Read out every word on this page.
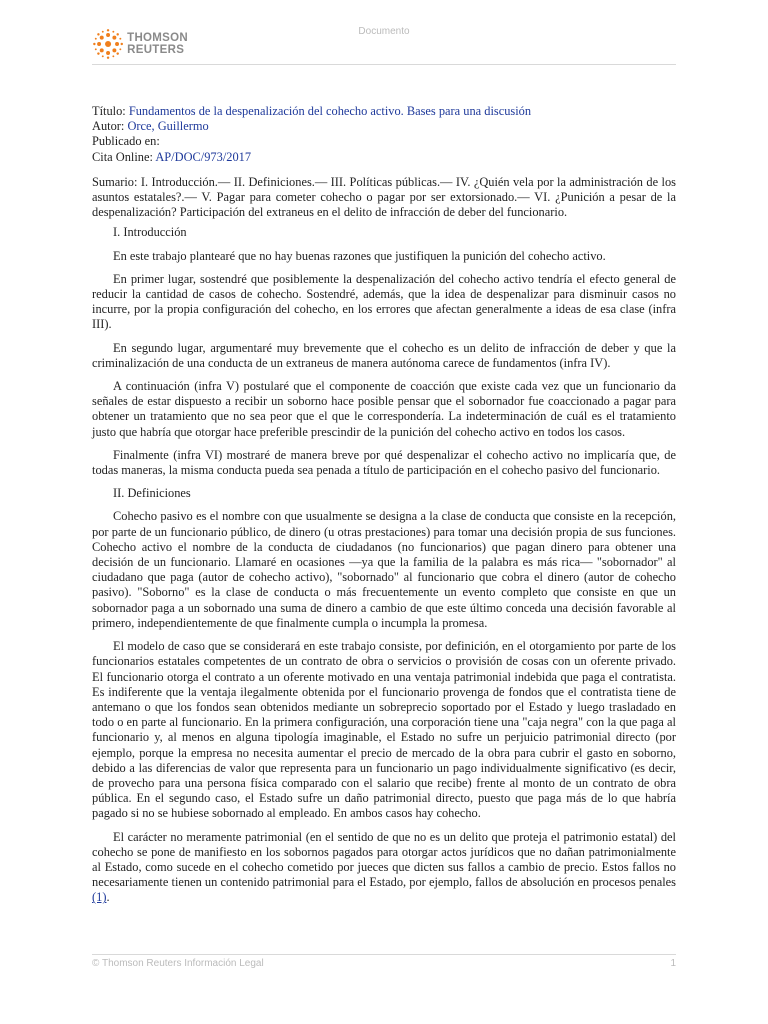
THOMSON
REUTERS
Documento
Título: Fundamentos de la despenalización del cohecho activo. Bases para una discusión
Autor: Orce, Guillermo
Publicado en:
Cita Online: AP/DOC/973/2017
Sumario: I. Introducción.— II. Definiciones.— III. Políticas públicas.— IV. ¿Quién vela por la administración de los asuntos estatales?.— V. Pagar para cometer cohecho o pagar por ser extorsionado.— VI. ¿Punición a pesar de la despenalización? Participación del extraneus en el delito de infracción de deber del funcionario.
I. Introducción
En este trabajo plantearé que no hay buenas razones que justifiquen la punición del cohecho activo.
En primer lugar, sostendré que posiblemente la despenalización del cohecho activo tendría el efecto general de reducir la cantidad de casos de cohecho. Sostendré, además, que la idea de despenalizar para disminuir casos no incurre, por la propia configuración del cohecho, en los errores que afectan generalmente a ideas de esa clase (infra III).
En segundo lugar, argumentaré muy brevemente que el cohecho es un delito de infracción de deber y que la criminalización de una conducta de un extraneus de manera autónoma carece de fundamentos (infra IV).
A continuación (infra V) postularé que el componente de coacción que existe cada vez que un funcionario da señales de estar dispuesto a recibir un soborno hace posible pensar que el sobornador fue coaccionado a pagar para obtener un tratamiento que no sea peor que el que le correspondería. La indeterminación de cuál es el tratamiento justo que habría que otorgar hace preferible prescindir de la punición del cohecho activo en todos los casos.
Finalmente (infra VI) mostraré de manera breve por qué despenalizar el cohecho activo no implicaría que, de todas maneras, la misma conducta pueda sea penada a título de participación en el cohecho pasivo del funcionario.
II. Definiciones
Cohecho pasivo es el nombre con que usualmente se designa a la clase de conducta que consiste en la recepción, por parte de un funcionario público, de dinero (u otras prestaciones) para tomar una decisión propia de sus funciones. Cohecho activo el nombre de la conducta de ciudadanos (no funcionarios) que pagan dinero para obtener una decisión de un funcionario. Llamaré en ocasiones —ya que la familia de la palabra es más rica— "sobornador" al ciudadano que paga (autor de cohecho activo), "sobornado" al funcionario que cobra el dinero (autor de cohecho pasivo). "Soborno" es la clase de conducta o más frecuentemente un evento completo que consiste en que un sobornador paga a un sobornado una suma de dinero a cambio de que este último conceda una decisión favorable al primero, independientemente de que finalmente cumpla o incumpla la promesa.
El modelo de caso que se considerará en este trabajo consiste, por definición, en el otorgamiento por parte de los funcionarios estatales competentes de un contrato de obra o servicios o provisión de cosas con un oferente privado. El funcionario otorga el contrato a un oferente motivado en una ventaja patrimonial indebida que paga el contratista. Es indiferente que la ventaja ilegalmente obtenida por el funcionario provenga de fondos que el contratista tiene de antemano o que los fondos sean obtenidos mediante un sobreprecio soportado por el Estado y luego trasladado en todo o en parte al funcionario. En la primera configuración, una corporación tiene una "caja negra" con la que paga al funcionario y, al menos en alguna tipología imaginable, el Estado no sufre un perjuicio patrimonial directo (por ejemplo, porque la empresa no necesita aumentar el precio de mercado de la obra para cubrir el gasto en soborno, debido a las diferencias de valor que representa para un funcionario un pago individualmente significativo (es decir, de provecho para una persona física comparado con el salario que recibe) frente al monto de un contrato de obra pública. En el segundo caso, el Estado sufre un daño patrimonial directo, puesto que paga más de lo que habría pagado si no se hubiese sobornado al empleado. En ambos casos hay cohecho.
El carácter no meramente patrimonial (en el sentido de que no es un delito que proteja el patrimonio estatal) del cohecho se pone de manifiesto en los sobornos pagados para otorgar actos jurídicos que no dañan patrimonialmente al Estado, como sucede en el cohecho cometido por jueces que dicten sus fallos a cambio de precio. Estos fallos no necesariamente tienen un contenido patrimonial para el Estado, por ejemplo, fallos de absolución en procesos penales (1).
© Thomson Reuters Información Legal	1
